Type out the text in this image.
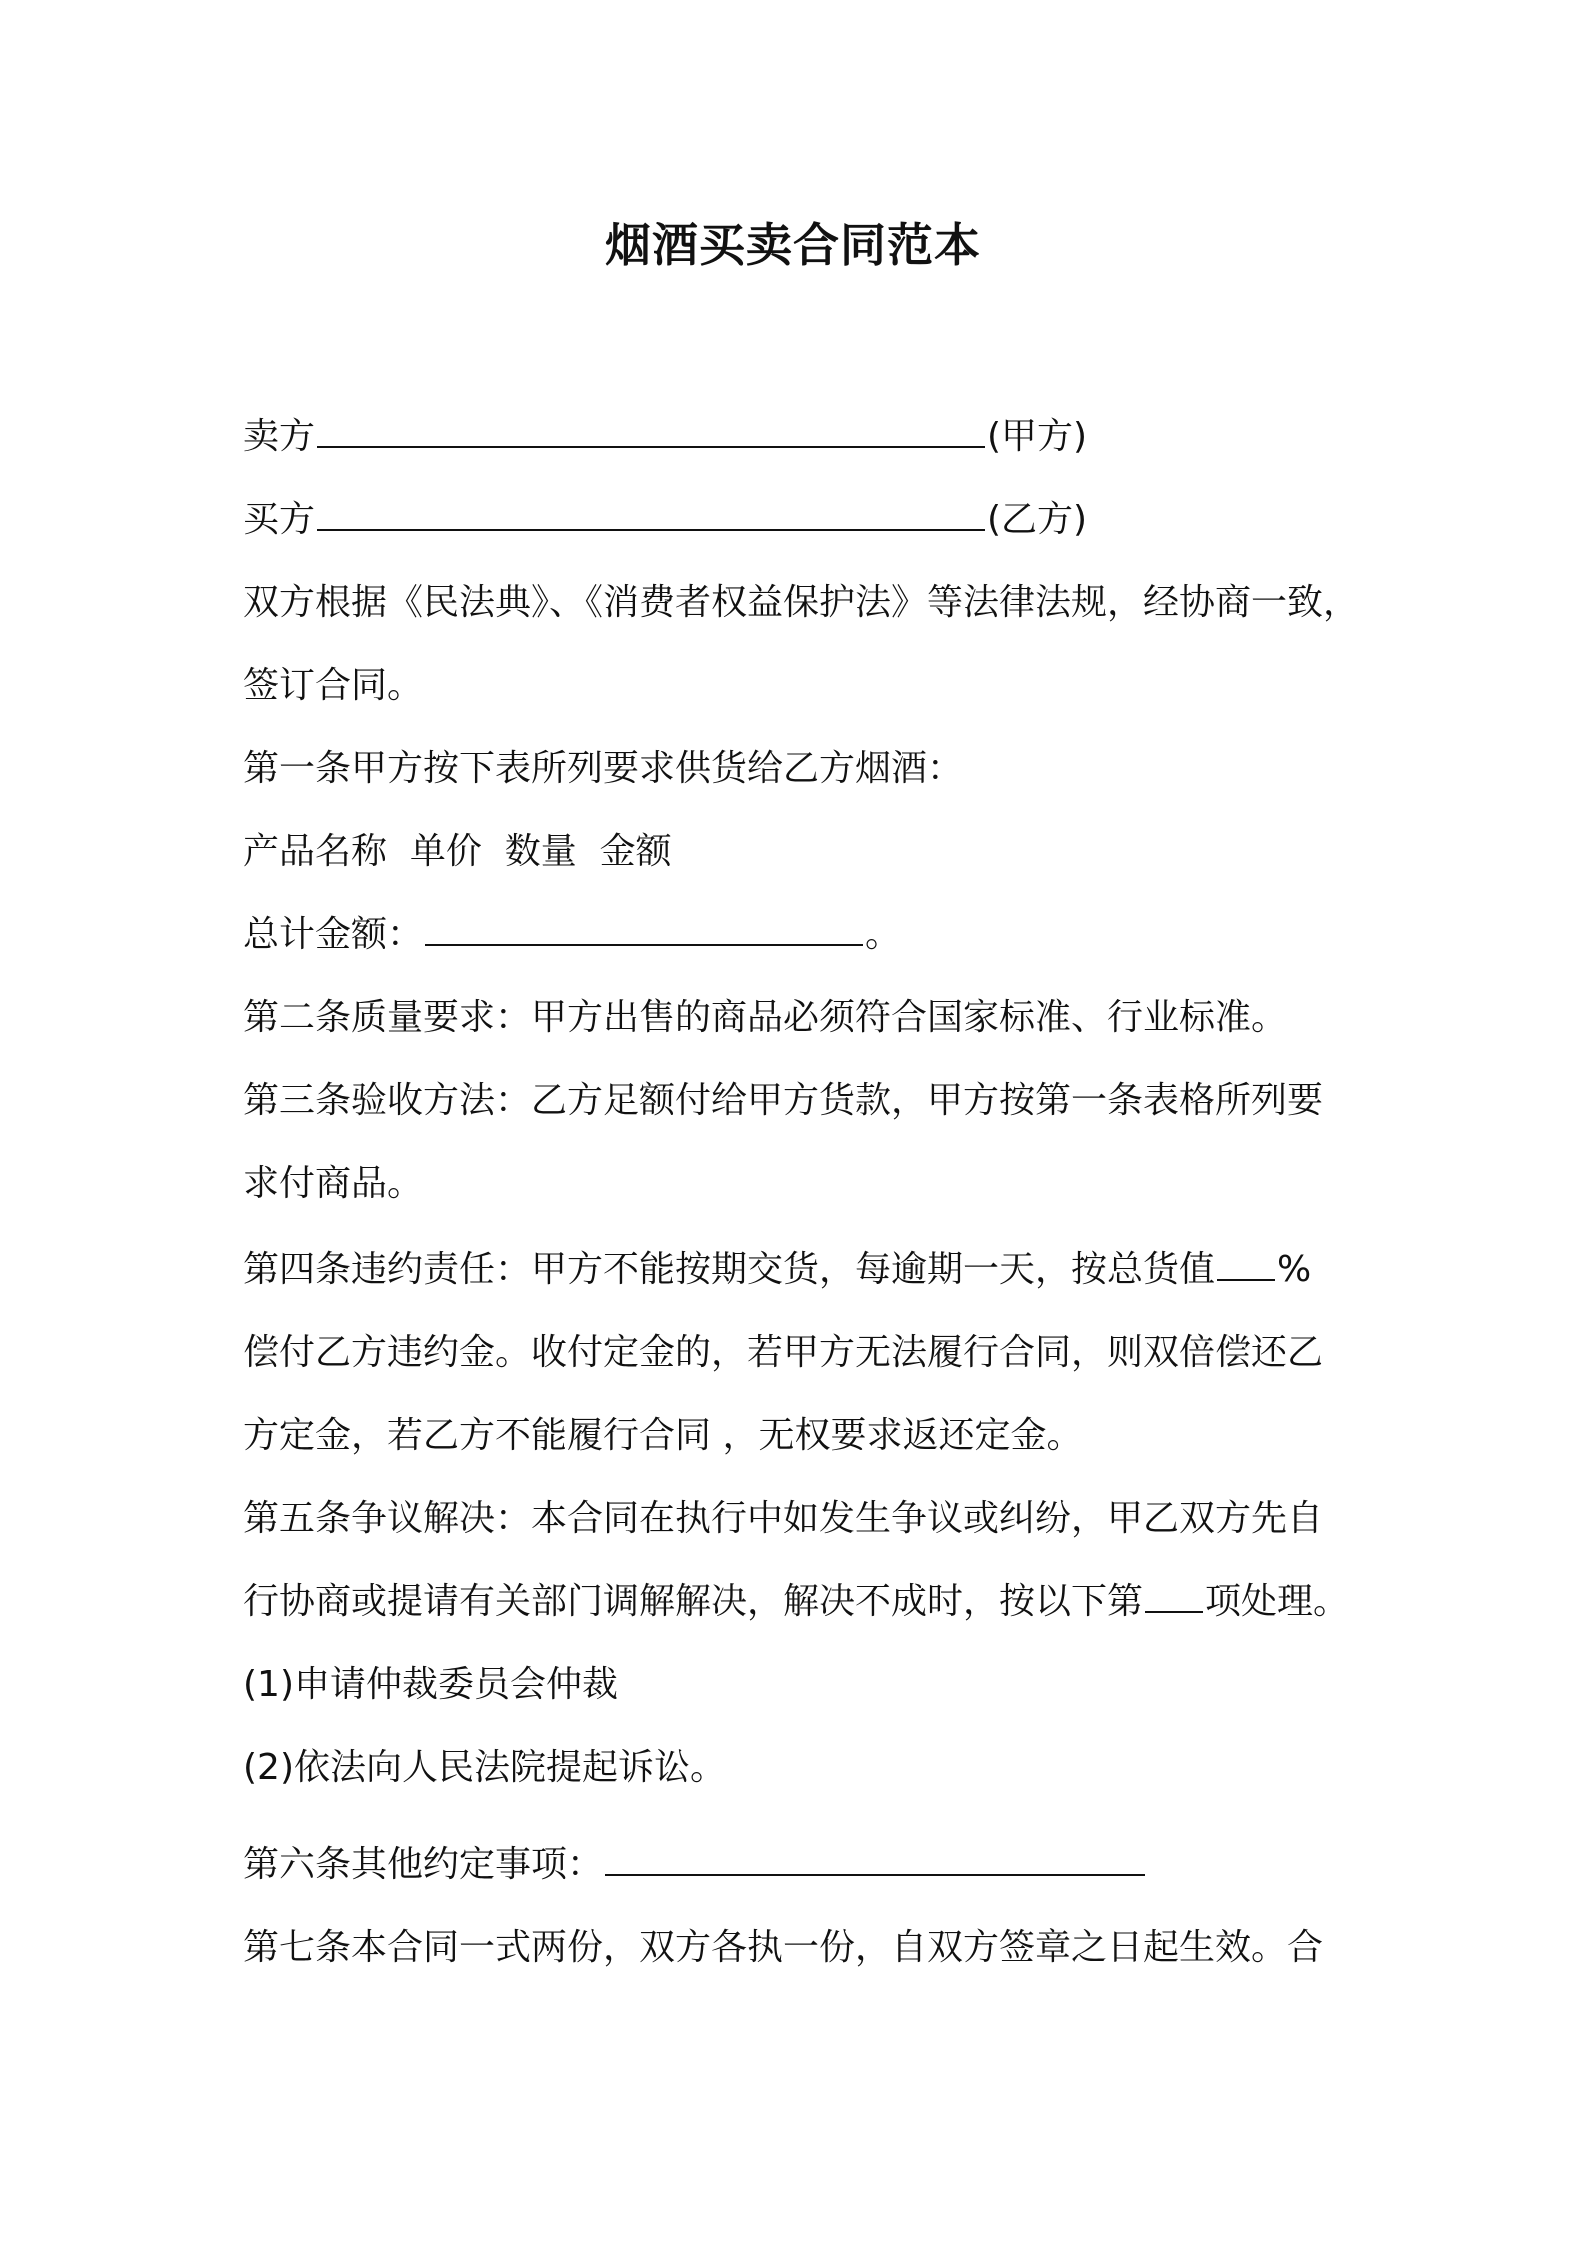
烟酒买卖合同范本
卖方	(甲方)
买方	(乙方)
双方根据《民法典》、《消费者权益保护法》等法律法规，经协商一致，
签订合同。
第一条甲方按下表所列要求供货给乙方烟酒：
产品名称  单价  数量  金额
总计金额：	。
第二条质量要求：甲方出售的商品必须符合国家标准、行业标准。
第三条验收方法：乙方足额付给甲方货款，甲方按第一条表格所列要
求付商品。
第四条违约责任：甲方不能按期交货，每逾期一天，按总货值 %
偿付乙方违约金。收付定金的，若甲方无法履行合同，则双倍偿还乙
方定金，若乙方不能履行合同 ，无权要求返还定金。
第五条争议解决：本合同在执行中如发生争议或纠纷，甲乙双方先自
行协商或提请有关部门调解解决，解决不成时，按以下第 项处理。
(1)申请仲裁委员会仲裁
(2)依法向人民法院提起诉讼。
第六条其他约定事项：
第七条本合同一式两份，双方各执一份，自双方签章之日起生效。合
